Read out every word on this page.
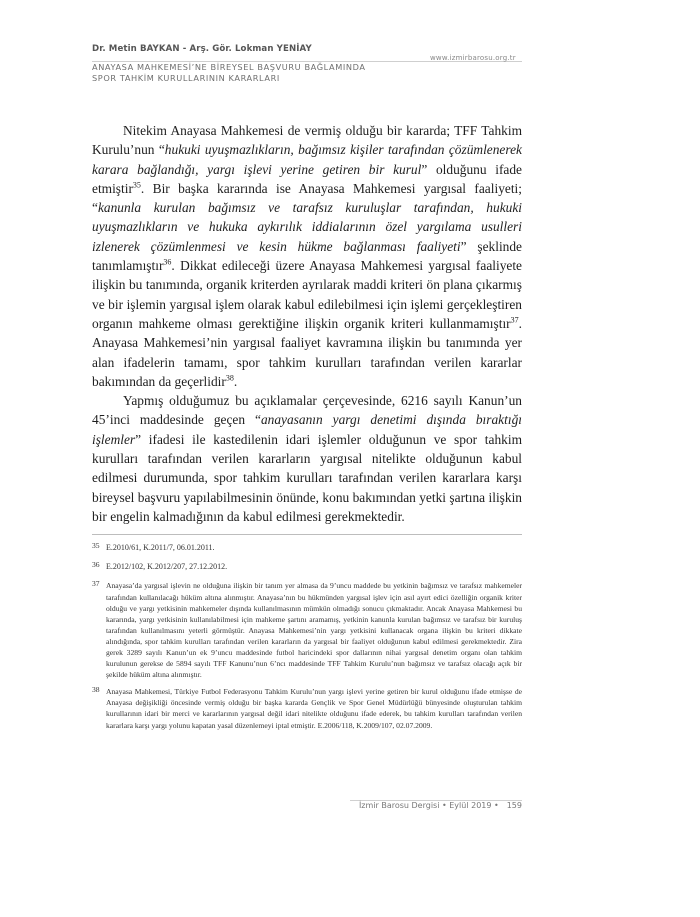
Dr. Metin BAYKAN - Arş. Gör. Lokman YENİAY
ANAYASA MAHKEMESİ’NE BİREYSEL BAŞVURU BAĞLAMINDA
SPOR TAHKİM KURULLARININ KARARLARI
www.izmirbarosu.org.tr

Nitekim Anayasa Mahkemesi de vermiş olduğu bir kararda; TFF Tahkim Kurulu’nun “hukuki uyuşmazlıkların, bağımsız kişiler tarafından çözümlenerek karara bağlandığı, yargı işlevi yerine getiren bir kurul” olduğunu ifade etmiştir$^{35}$. Bir başka kararında ise Anayasa Mahkemesi yargısal faaliyeti; “kanunla kurulan bağımsız ve tarafsız kuruluşlar tarafından, hukuki uyuşmazlıkların ve hukuka aykırılık iddialarının özel yargılama usulleri izlenerek çözümlenmesi ve kesin hükme bağlanması faaliyeti” şeklinde tanımlamıştır$^{36}$. Dikkat edileceği üzere Anayasa Mahkemesi yargısal faaliyete ilişkin bu tanımında, organik kriterden ayrılarak maddi kriteri ön plana çıkarmış ve bir işlemin yargısal işlem olarak kabul edilebilmesi için işlemi gerçekleştiren organın mahkeme olması gerektiğine ilişkin organik kriteri kullanmamıştır$^{37}$. Anayasa Mahkemesi’nin yargısal faaliyet kavramına ilişkin bu tanımında yer alan ifadelerin tamamı, spor tahkim kurulları tarafından verilen kararlar bakımından da geçerlidir$^{38}$.

Yapmış olduğumuz bu açıklamalar çerçevesinde, 6216 sayılı Kanun’un 45’inci maddesinde geçen “anayasanın yargı denetimi dışında bıraktığı işlemler” ifadesi ile kastedilenin idari işlemler olduğunun ve spor tahkim kurulları tarafından verilen kararların yargısal nitelikte olduğunun kabul edilmesi durumunda, spor tahkim kurulları tarafından verilen kararlara karşı bireysel başvuru yapılabilmesinin önünde, konu bakımından yetki şartına ilişkin bir engelin kalmadığının da kabul edilmesi gerekmektedir.

35 E.2010/61, K.2011/7, 06.01.2011.
36 E.2012/102, K.2012/207, 27.12.2012.
37 Anayasa’da yargısal işlevin ne olduğuna ilişkin bir tanım yer almasa da 9’uncu maddede bu yetkinin bağımsız ve tarafsız mahkemeler tarafından kullanılacağı hüküm altına alınmıştır. Anayasa’nın bu hükmünden yargısal işlev için asıl ayırt edici özelliğin organik kriter olduğu ve yargı yetkisinin mahkemeler dışında kullanılmasının mümkün olmadığı sonucu çıkmaktadır. Ancak Anayasa Mahkemesi bu kararında, yargı yetkisinin kullanılabilmesi için mahkeme şartını aramamış, yetkinin kanunla kurulan bağımsız ve tarafsız bir kuruluş tarafından kullanılmasını yeterli görmüştür. Anayasa Mahkemesi’nin yargı yetkisini kullanacak organa ilişkin bu kriteri dikkate alındığında, spor tahkim kurulları tarafından verilen kararların da yargısal bir faaliyet olduğunun kabul edilmesi gerekmektedir. Zira gerek 3289 sayılı Kanun’un ek 9’uncu maddesinde futbol haricindeki spor dallarının nihai yargısal denetim organı olan tahkim kurulunun gerekse de 5894 sayılı TFF Kanunu’nun 6’ncı maddesinde TFF Tahkim Kurulu’nun bağımsız ve tarafsız olacağı açık bir şekilde hüküm altına alınmıştır.
38 Anayasa Mahkemesi, Türkiye Futbol Federasyonu Tahkim Kurulu’nun yargı işlevi yerine getiren bir kurul olduğunu ifade etmişse de Anayasa değişikliği öncesinde vermiş olduğu bir başka kararda Gençlik ve Spor Genel Müdürlüğü bünyesinde oluşturulan tahkim kurullarının idari bir merci ve kararlarının yargısal değil idari nitelikte olduğunu ifade ederek, bu tahkim kurulları tarafından verilen kararlara karşı yargı yolunu kapatan yasal düzenlemeyi iptal etmiştir. E.2006/118, K.2009/107, 02.07.2009.
İzmir Barosu Dergisi • Eylül 2019 • 159
